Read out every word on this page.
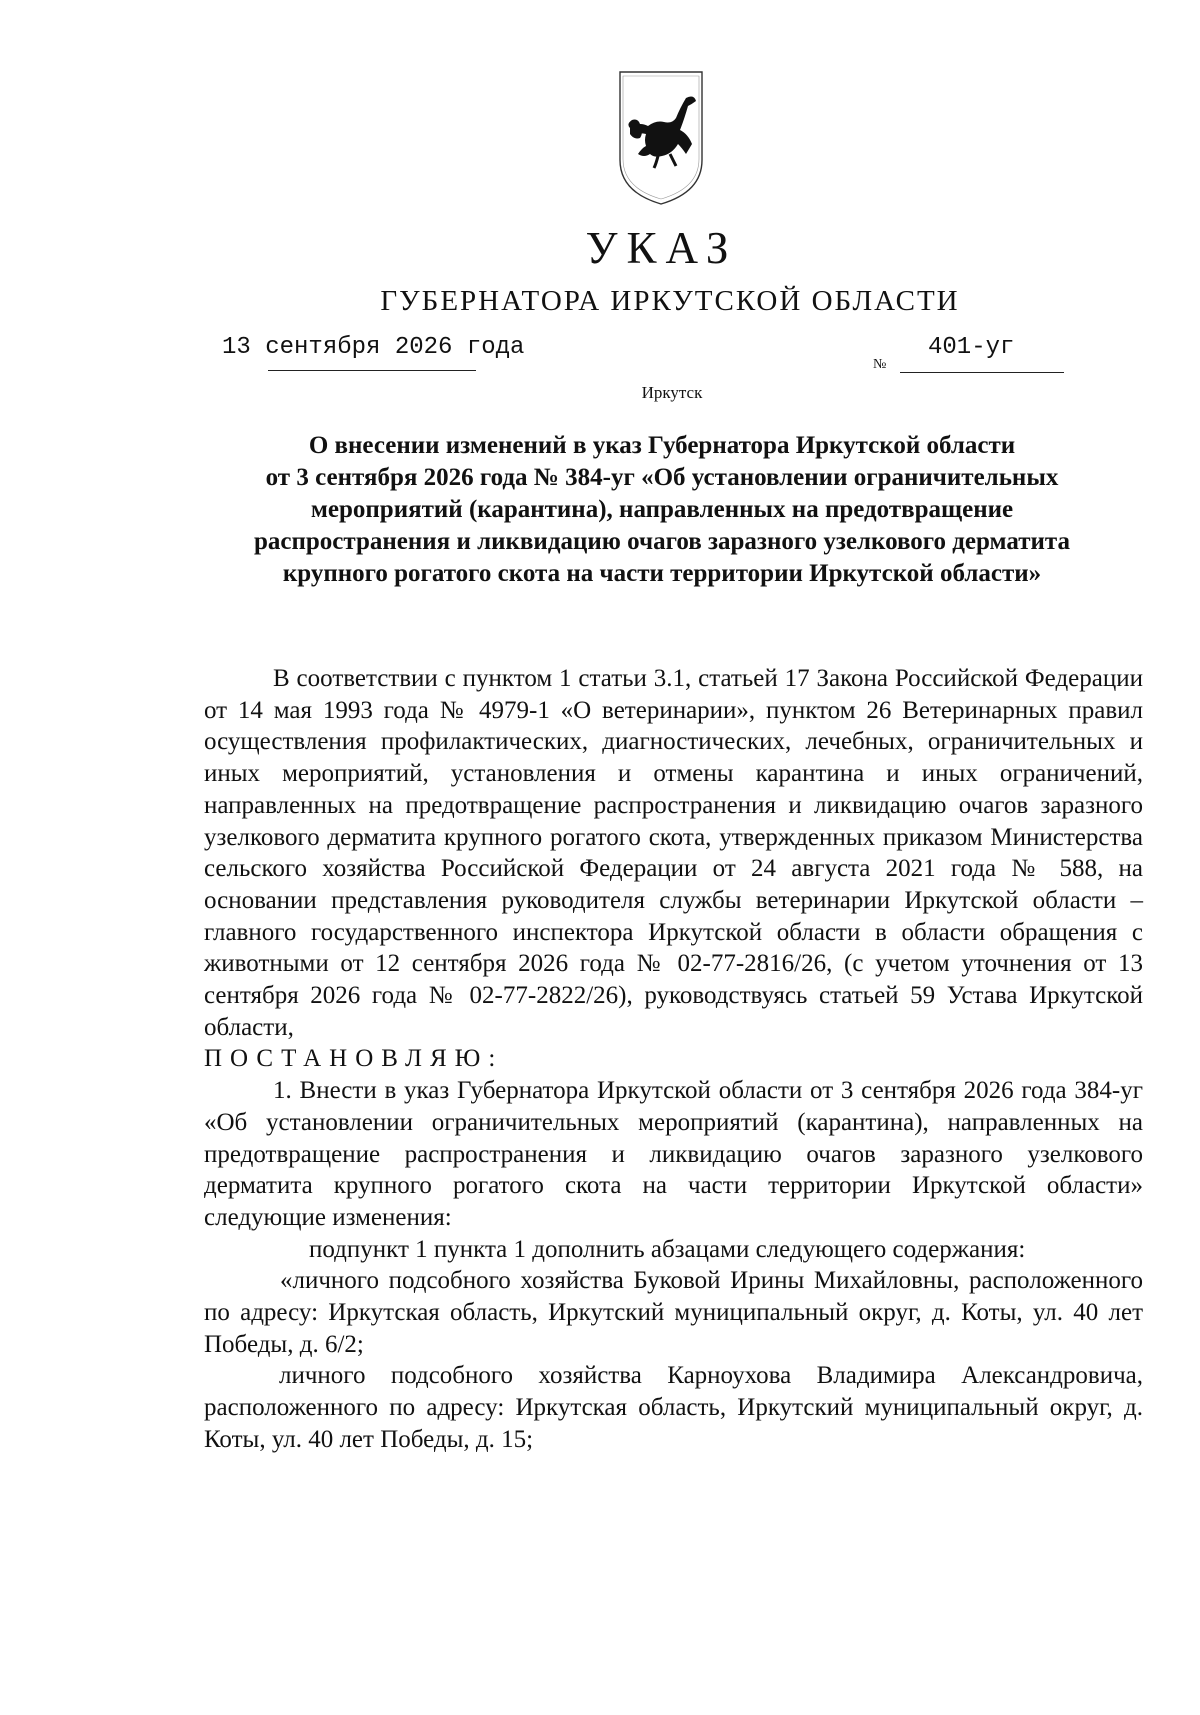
УКАЗ
ГУБЕРНАТОРА ИРКУТСКОЙ ОБЛАСТИ
13 сентября 2026 года
№
401-уг
Иркутск
О внесении изменений в указ Губернатора Иркутской области
от 3 сентября 2026 года № 384-уг «Об установлении ограничительных
мероприятий (карантина), направленных на предотвращение
распространения и ликвидацию очагов заразного узелкового дерматита
крупного рогатого скота на части территории Иркутской области»

В соответствии с пунктом 1 статьи 3.1, статьей 17 Закона Российской Федерации от 14 мая 1993 года № 4979-1 «О ветеринарии», пунктом 26 Ветеринарных правил осуществления профилактических, диагностических, лечебных, ограничительных и иных мероприятий, установления и отмены карантина и иных ограничений, направленных на предотвращение распространения и ликвидацию очагов заразного узелкового дерматита крупного рогатого скота, утвержденных приказом Министерства сельского хозяйства Российской Федерации от 24 августа 2021 года № 588, на основании представления руководителя службы ветеринарии Иркутской области – главного государственного инспектора Иркутской области в области обращения с животными от 12 сентября 2026 года № 02-77-2816/26, (с учетом уточнения от 13 сентября 2026 года № 02-77-2822/26), руководствуясь статьей 59 Устава Иркутской области,

ПОСТАНОВЛЯЮ:

1. Внести в указ Губернатора Иркутской области от 3 сентября 2026 года 384-уг «Об установлении ограничительных мероприятий (карантина), направленных на предотвращение распространения и ликвидацию очагов заразного узелкового дерматита крупного рогатого скота на части территории Иркутской области» следующие изменения:

подпункт 1 пункта 1 дополнить абзацами следующего содержания:

«личного подсобного хозяйства Буковой Ирины Михайловны, расположенного по адресу: Иркутская область, Иркутский муниципальный округ, д. Коты, ул. 40 лет Победы, д. 6/2;

личного подсобного хозяйства Карноухова Владимира Александровича, расположенного по адресу: Иркутская область, Иркутский муниципальный округ, д. Коты, ул. 40 лет Победы, д. 15;
